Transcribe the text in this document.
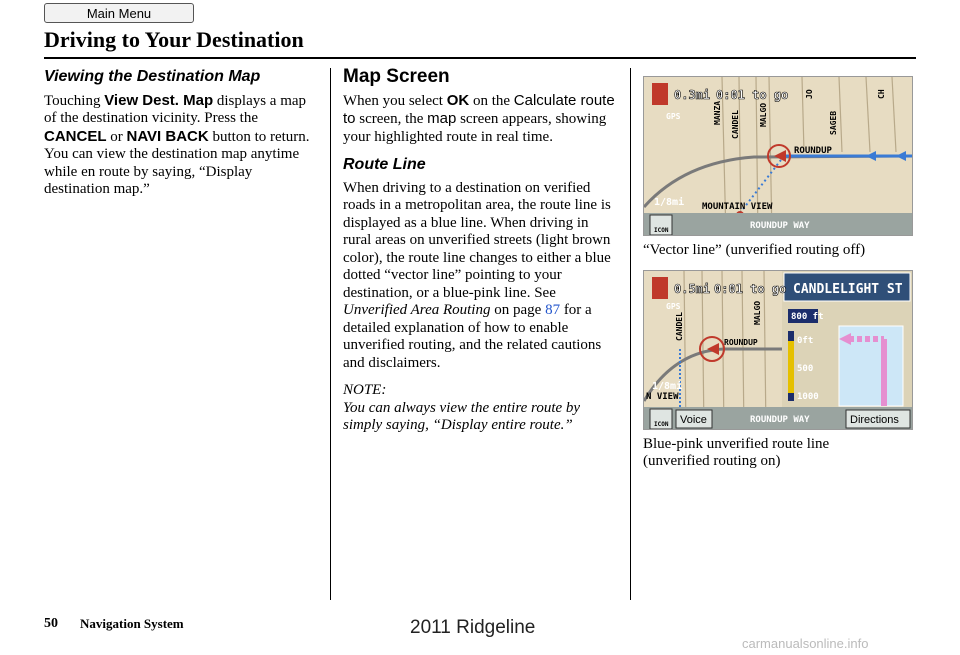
Main Menu
Driving to Your Destination
Viewing the Destination Map

Touching View Dest. Map displays a map of the destination vicinity. Press the CANCEL or NAVI BACK button to return. You can view the destination map anytime while en route by saying, “Display destination map.”

Map Screen

When you select OK on the Calculate route to screen, the map screen appears, showing your highlighted route in real time.

Route Line

When driving to a destination on verified roads in a metropolitan area, the route line is displayed as a blue line. When driving in rural areas on unverified streets (light brown color), the route line changes to either a blue dotted “vector line” pointing to your destination, or a blue-pink line. See Unverified Area Routing on page 87 for a detailed explanation of how to enable unverified routing, and the related cautions and disclaimers.

NOTE:
You can always view the entire route by simply saying, “Display entire route.”
ROUNDUP
MOUNTAIN VIEW
ROUNDUP WAY
1/8mi
GPS	MANZA CANDEL MALGO
JO
SAGEB
CH
0.3mi 0:01 to go
ICON
“Vector line” (unverified routing off)
CANDLELIGHT ST
800 ft
0ft
500
1000
ICON Voice	ROUNDUP WAY	Directions
ROUNDUP
N VIEW
1/8mi
GPS
CANDEL	MALGO
0.5mi 0:01 to go
Blue-pink unverified route line
(unverified routing on)
50 Navigation System	2011 Ridgeline
carmanualsonline.info
